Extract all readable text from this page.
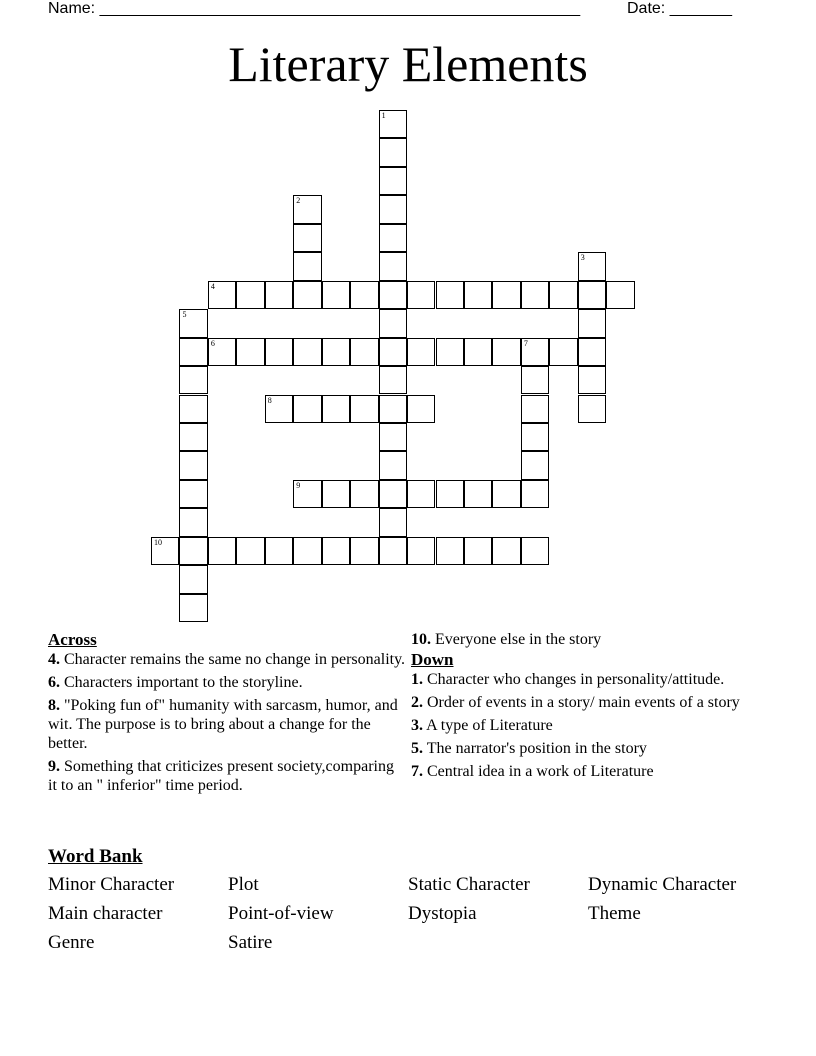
Name: ______________________________________________________	Date: _______
Literary Elements
1
2
3
4
5
6	7
8
9
10
Across
4. Character remains the same no change in personality.
6. Characters important to the storyline.
8. "Poking fun of" humanity with sarcasm, humor, and wit. The purpose is to bring about a change for the better.
9. Something that criticizes present society,comparing it to an " inferior" time period.
10. Everyone else in the story
Down
1. Character who changes in personality/attitude.
2. Order of events in a story/ main events of a story
3. A type of Literature
5. The narrator's position in the story
7. Central idea in a work of Literature
Word Bank
Minor Character	Plot	Static Character	Dynamic Character
Main character	Point-of-view	Dystopia	Theme
Genre	Satire
